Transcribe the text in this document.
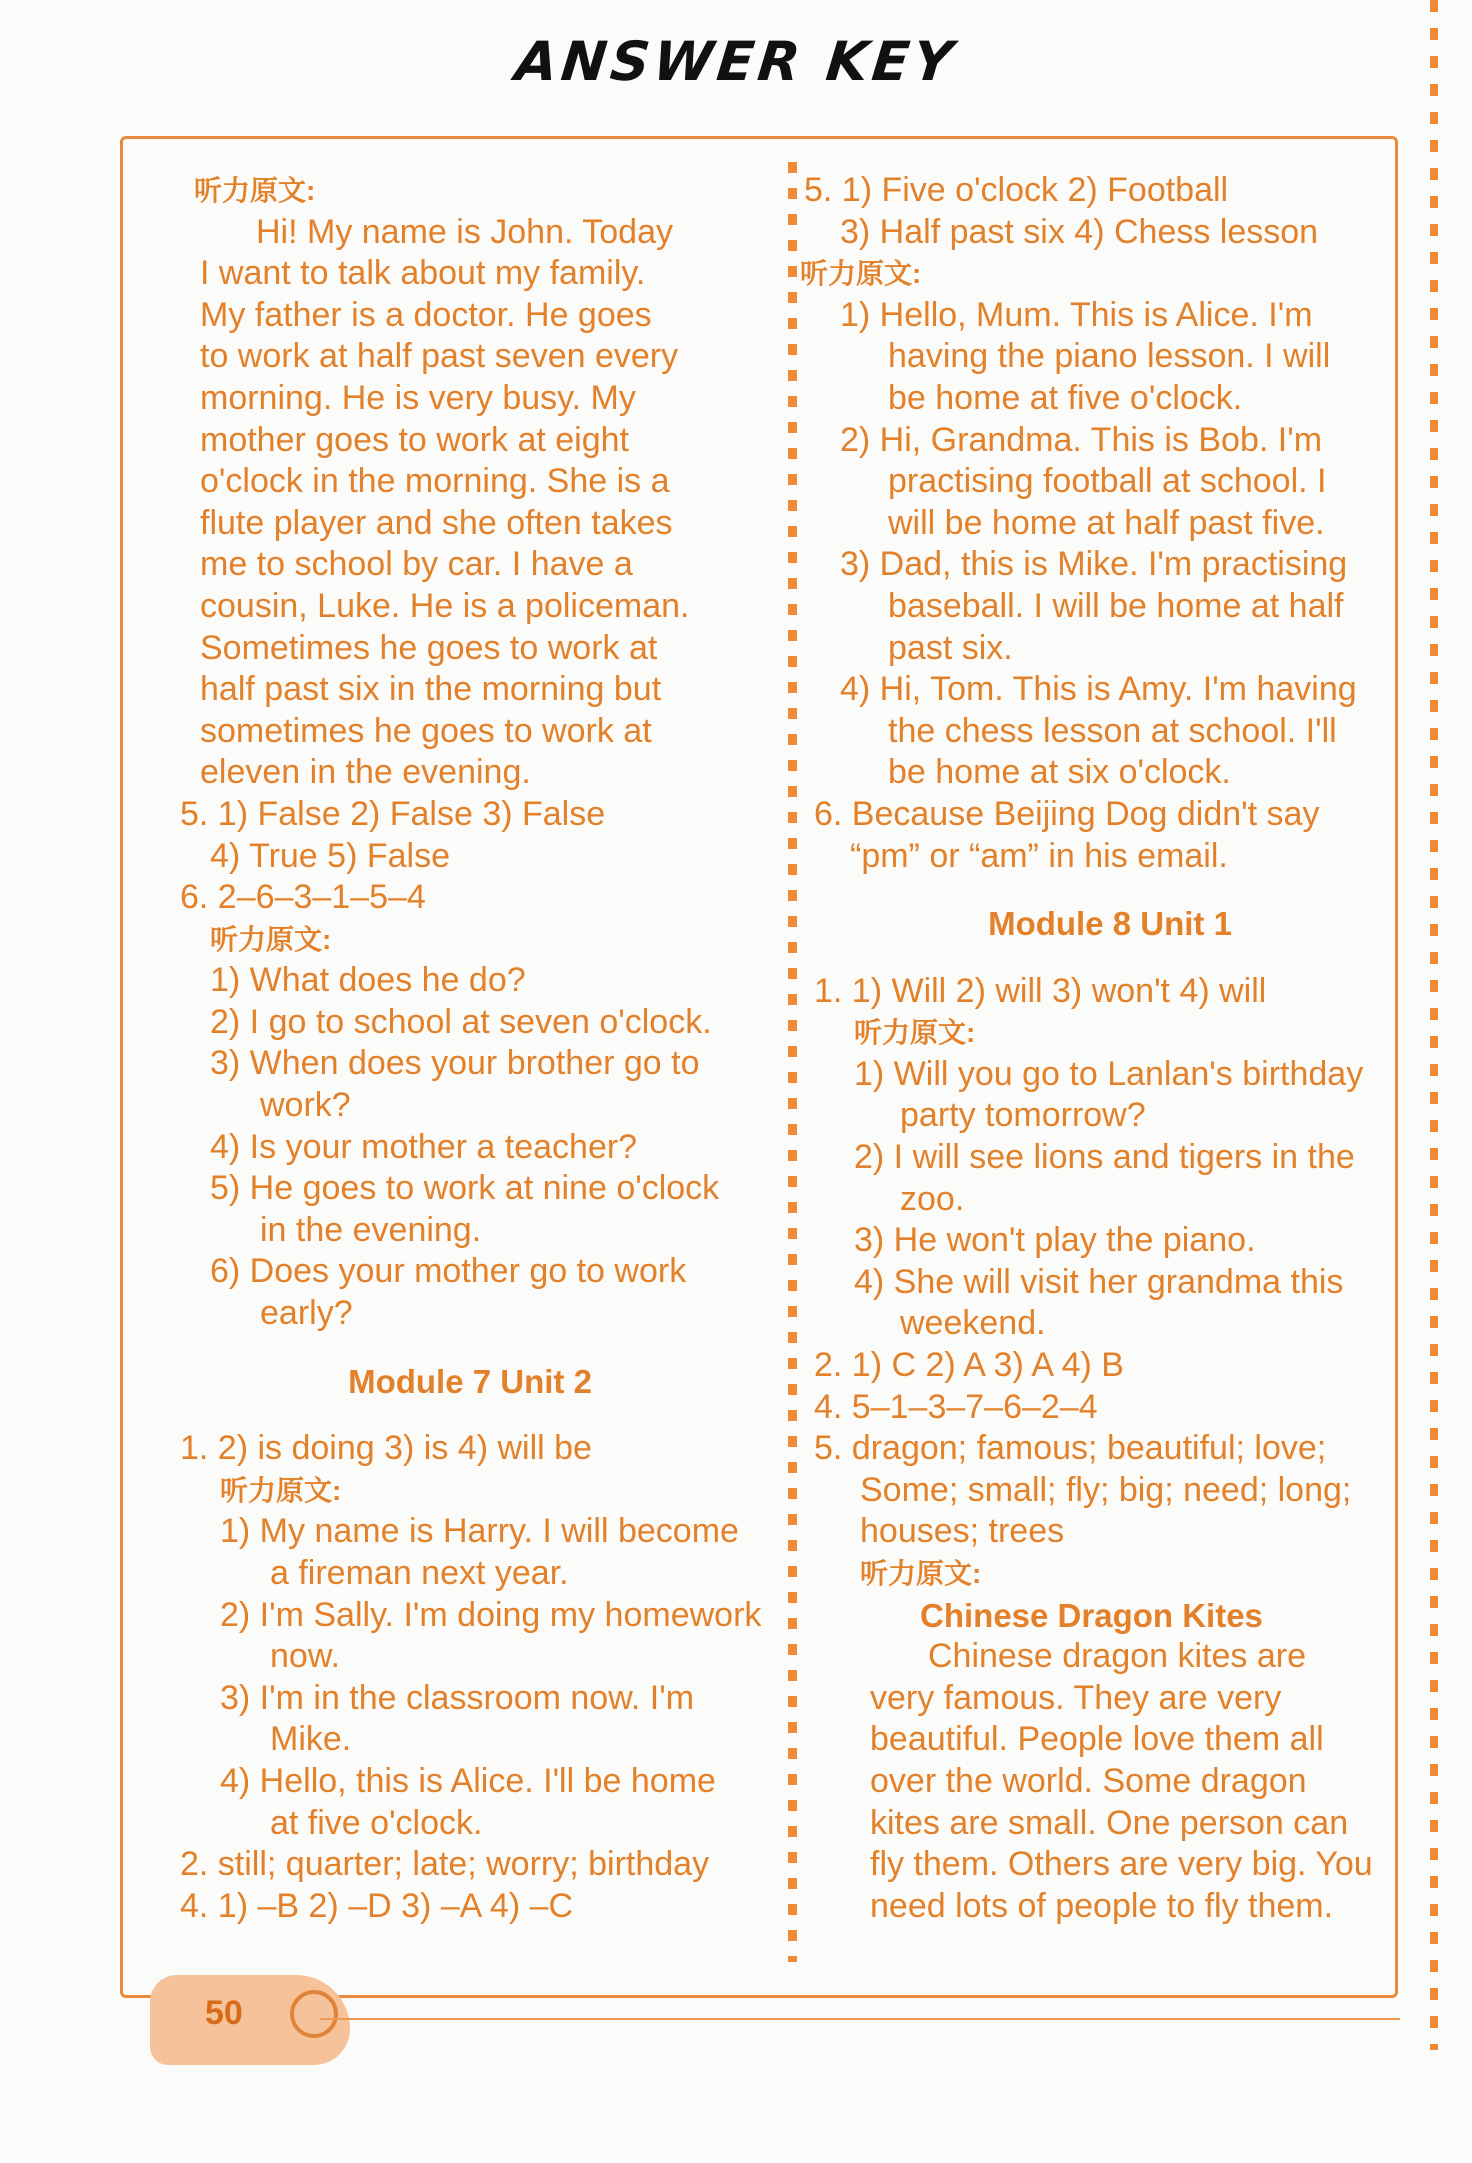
ANSWER KEY
听力原文:
Hi! My name is John. Today
I want to talk about my family.
My father is a doctor. He goes
to work at half past seven every
morning. He is very busy. My
mother goes to work at eight
o'clock in the morning. She is a
flute player and she often takes
me to school by car. I have a
cousin, Luke. He is a policeman.
Sometimes he goes to work at
half past six in the morning but
sometimes he goes to work at
eleven in the evening.
5. 1) False 2) False 3) False
4) True 5) False
6. 2–6–3–1–5–4
听力原文:
1) What does he do?
2) I go to school at seven o'clock.
3) When does your brother go to
work?
4) Is your mother a teacher?
5) He goes to work at nine o'clock
in the evening.
6) Does your mother go to work
early?
Module 7 Unit 2
1. 2) is doing 3) is 4) will be
听力原文:
1) My name is Harry. I will become
a fireman next year.
2) I'm Sally. I'm doing my homework
now.
3) I'm in the classroom now. I'm
Mike.
4) Hello, this is Alice. I'll be home
at five o'clock.
2. still; quarter; late; worry; birthday
4. 1) –B 2) –D 3) –A 4) –C
5. 1) Five o'clock 2) Football
3) Half past six 4) Chess lesson
听力原文:
1) Hello, Mum. This is Alice. I'm
having the piano lesson. I will
be home at five o'clock.
2) Hi, Grandma. This is Bob. I'm
practising football at school. I
will be home at half past five.
3) Dad, this is Mike. I'm practising
baseball. I will be home at half
past six.
4) Hi, Tom. This is Amy. I'm having
the chess lesson at school. I'll
be home at six o'clock.
6. Because Beijing Dog didn't say
“pm” or “am” in his email.
Module 8 Unit 1
1. 1) Will 2) will 3) won't 4) will
听力原文:
1) Will you go to Lanlan's birthday
party tomorrow?
2) I will see lions and tigers in the
zoo.
3) He won't play the piano.
4) She will visit her grandma this
weekend.
2. 1) C 2) A 3) A 4) B
4. 5–1–3–7–6–2–4
5. dragon; famous; beautiful; love;
Some; small; fly; big; need; long;
houses; trees
听力原文:
Chinese Dragon Kites
Chinese dragon kites are
very famous. They are very
beautiful. People love them all
over the world. Some dragon
kites are small. One person can
fly them. Others are very big. You
need lots of people to fly them.
50
